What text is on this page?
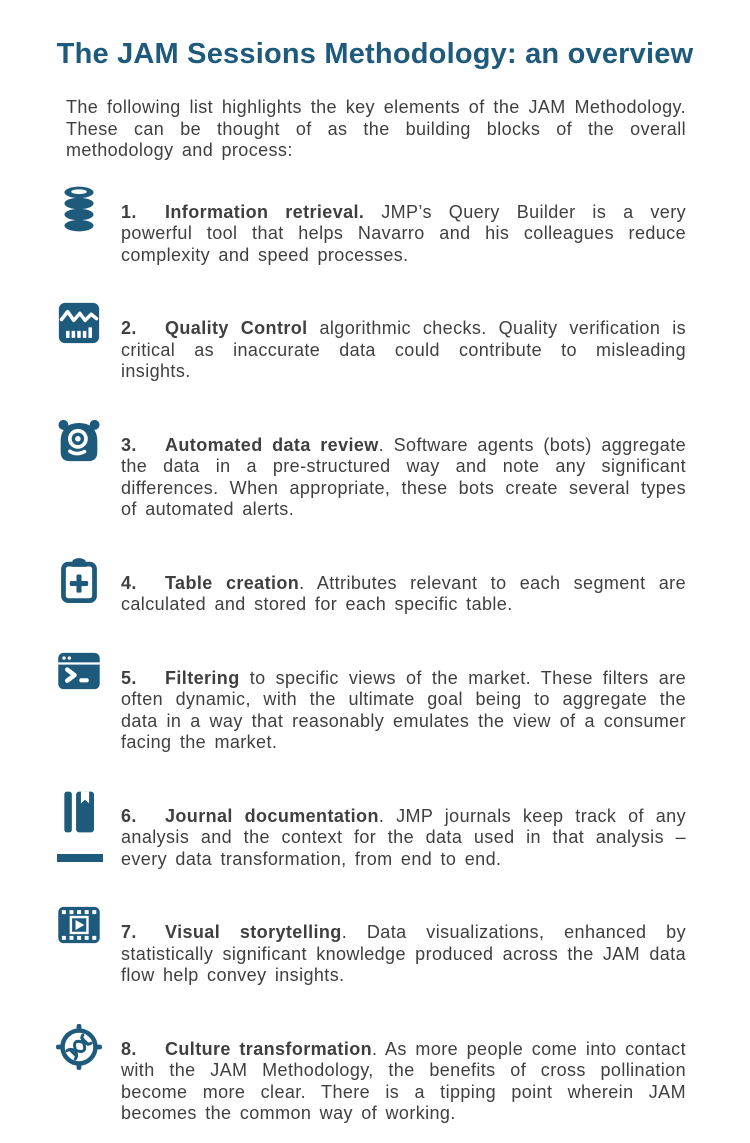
The JAM Sessions Methodology: an overview

The following list highlights the key elements of the JAM Methodology. These can be thought of as the building blocks of the overall methodology and process:

1. Information retrieval. JMP’s Query Builder is a very powerful tool that helps Navarro and his colleagues reduce complexity and speed processes.

2. Quality Control algorithmic checks. Quality verification is critical as inaccurate data could contribute to misleading insights.

3. Automated data review. Software agents (bots) aggregate the data in a pre-structured way and note any significant differences. When appropriate, these bots create several types of automated alerts.

4. Table creation. Attributes relevant to each segment are calculated and stored for each specific table.

5. Filtering to specific views of the market. These filters are often dynamic, with the ultimate goal being to aggregate the data in a way that reasonably emulates the view of a consumer facing the market.

6. Journal documentation. JMP journals keep track of any analysis and the context for the data used in that analysis – every data transformation, from end to end.

7. Visual storytelling. Data visualizations, enhanced by statistically significant knowledge produced across the JAM data flow help convey insights.

8. Culture transformation. As more people come into contact with the JAM Methodology, the benefits of cross pollination become more clear. There is a tipping point wherein JAM becomes the common way of working.
